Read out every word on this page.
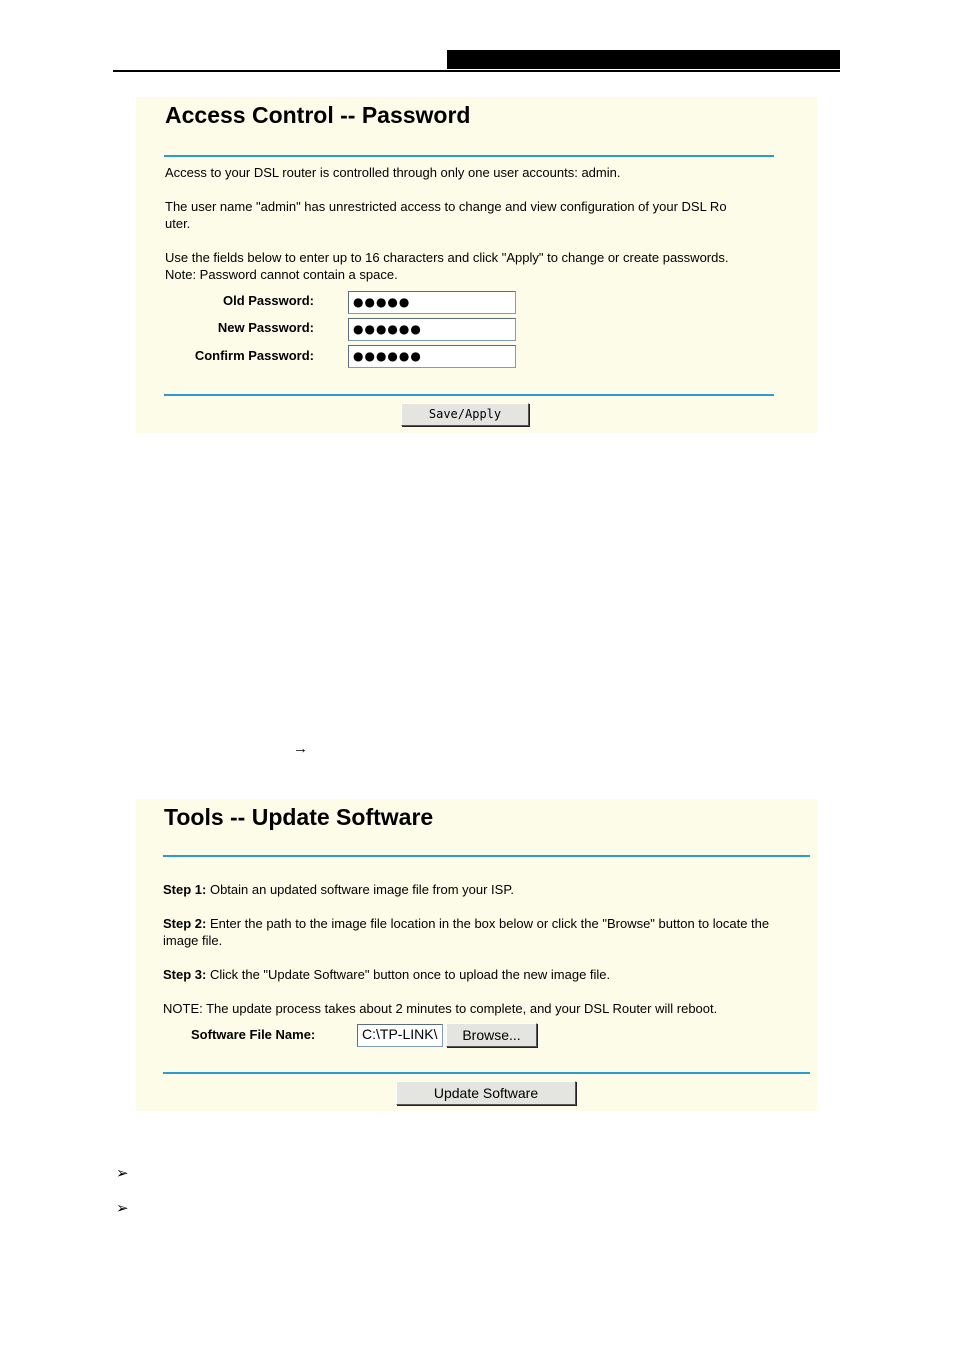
Access Control -- Password
Access to your DSL router is controlled through only one user accounts: admin.
The user name "admin" has unrestricted access to change and view configuration of your DSL Ro
uter.
Use the fields below to enter up to 16 characters and click "Apply" to change or create passwords.
Note: Password cannot contain a space.
Old Password:	●●●●●
New Password:	●●●●●●
Confirm Password:	●●●●●●
Save/Apply
→
Tools -- Update Software
Step 1: Obtain an updated software image file from your ISP.
Step 2: Enter the path to the image file location in the box below or click the "Browse" button to locate the
image file.
Step 3: Click the "Update Software" button once to upload the new image file.
NOTE: The update process takes about 2 minutes to complete, and your DSL Router will reboot.
Software File Name:	C:\TP-LINK\	Browse...
Update Software
➢
➢
